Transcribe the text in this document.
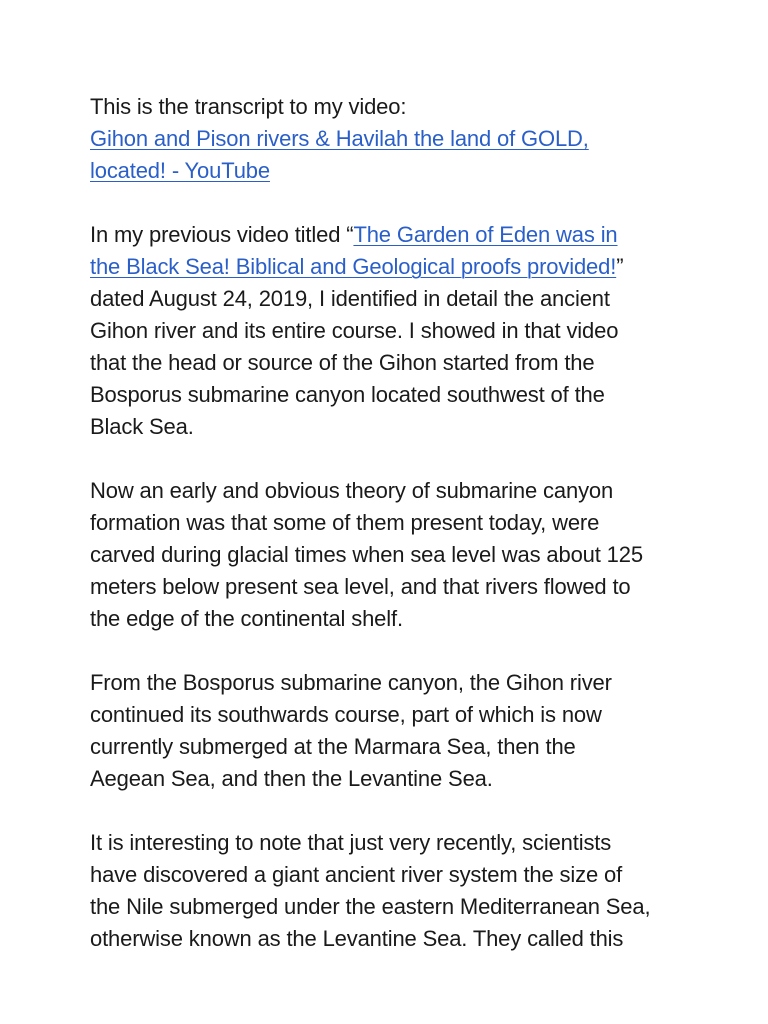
This is the transcript to my video:
Gihon and Pison rivers & Havilah the land of GOLD,
located! - YouTube
In my previous video titled “The Garden of Eden was in
the Black Sea! Biblical and Geological proofs provided!”
dated August 24, 2019, I identified in detail the ancient
Gihon river and its entire course. I showed in that video
that the head or source of the Gihon started from the
Bosporus submarine canyon located southwest of the
Black Sea.
Now an early and obvious theory of submarine canyon
formation was that some of them present today, were
carved during glacial times when sea level was about 125
meters below present sea level, and that rivers flowed to
the edge of the continental shelf.
From the Bosporus submarine canyon, the Gihon river
continued its southwards course, part of which is now
currently submerged at the Marmara Sea, then the
Aegean Sea, and then the Levantine Sea.
It is interesting to note that just very recently, scientists
have discovered a giant ancient river system the size of
the Nile submerged under the eastern Mediterranean Sea,
otherwise known as the Levantine Sea. They called this
